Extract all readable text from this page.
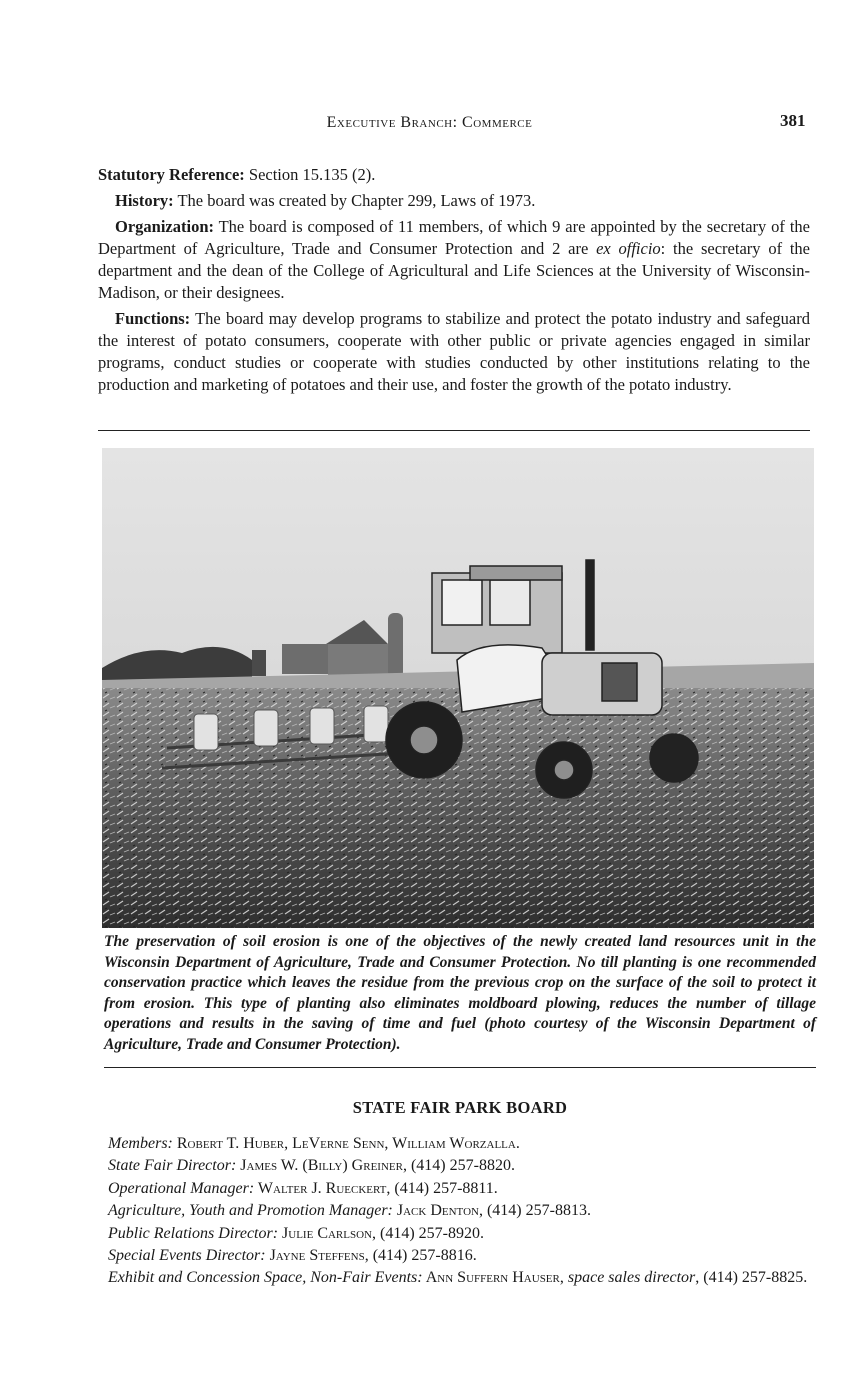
Executive Branch: Commerce	381

Statutory Reference: Section 15.135 (2).

History: The board was created by Chapter 299, Laws of 1973.

Organization: The board is composed of 11 members, of which 9 are appointed by the secretary of the Department of Agriculture, Trade and Consumer Protection and 2 are ex officio: the secretary of the department and the dean of the College of Agricultural and Life Sciences at the University of Wisconsin-Madison, or their designees.

Functions: The board may develop programs to stabilize and protect the potato industry and safeguard the interest of potato consumers, cooperate with other public or private agencies engaged in similar programs, conduct studies or cooperate with studies conducted by other institutions relating to the production and marketing of potatoes and their use, and foster the growth of the potato industry.

The preservation of soil erosion is one of the objectives of the newly created land resources unit in the Wisconsin Department of Agriculture, Trade and Consumer Protection. No till planting is one recommended conservation practice which leaves the residue from the previous crop on the surface of the soil to protect it from erosion. This type of planting also eliminates moldboard plowing, reduces the number of tillage operations and results in the saving of time and fuel (photo courtesy of the Wisconsin Department of Agriculture, Trade and Consumer Protection).
STATE FAIR PARK BOARD

Members: Robert T. Huber, LeVerne Senn, William Worzalla.

State Fair Director: James W. (Billy) Greiner, (414) 257-8820.

Operational Manager: Walter J. Rueckert, (414) 257-8811.

Agriculture, Youth and Promotion Manager: Jack Denton, (414) 257-8813.

Public Relations Director: Julie Carlson, (414) 257-8920.

Special Events Director: Jayne Steffens, (414) 257-8816.

Exhibit and Concession Space, Non-Fair Events: Ann Suffern Hauser, space sales director, (414) 257-8825.
